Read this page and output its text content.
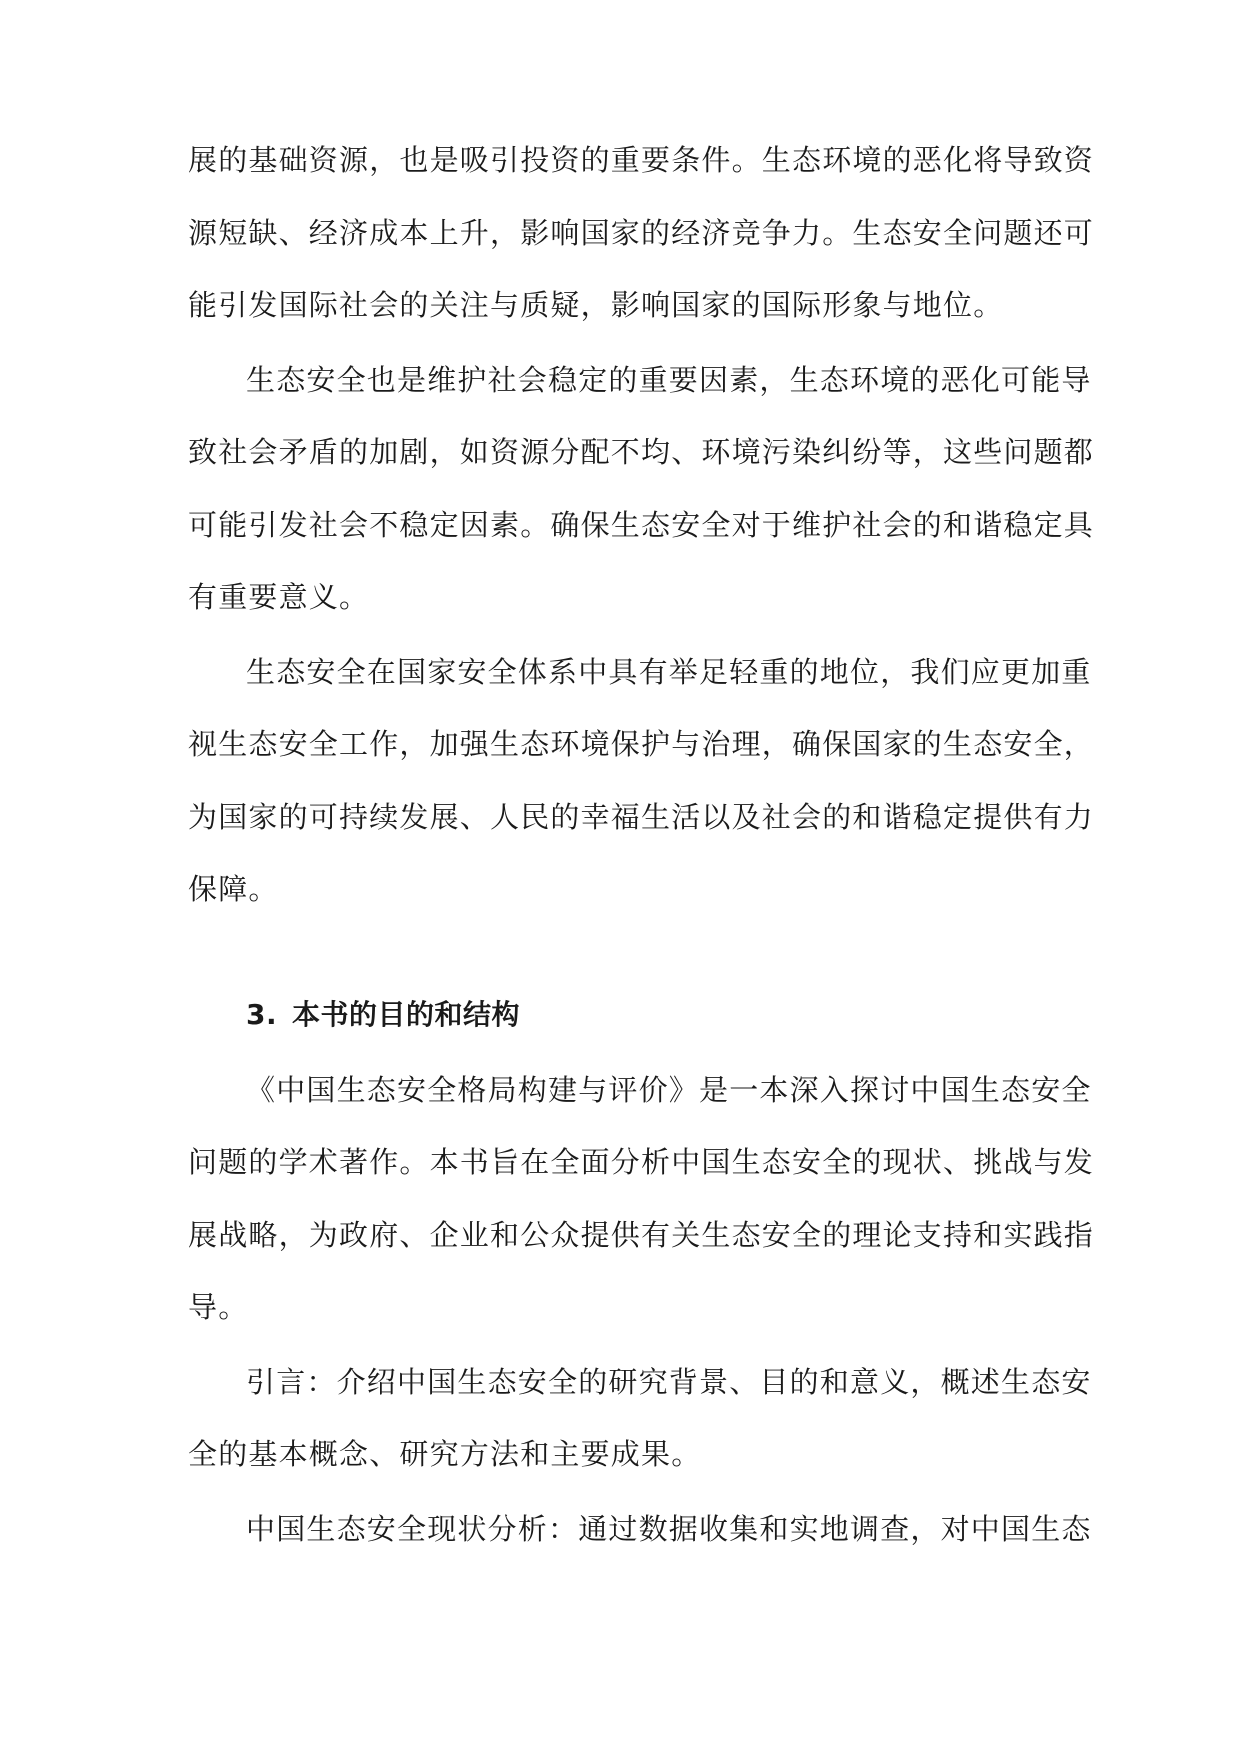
展的基础资源，也是吸引投资的重要条件。生态环境的恶化将导致资
源短缺、经济成本上升，影响国家的经济竞争力。生态安全问题还可
能引发国际社会的关注与质疑，影响国家的国际形象与地位。
生态安全也是维护社会稳定的重要因素，生态环境的恶化可能导
致社会矛盾的加剧，如资源分配不均、环境污染纠纷等，这些问题都
可能引发社会不稳定因素。确保生态安全对于维护社会的和谐稳定具
有重要意义。
生态安全在国家安全体系中具有举足轻重的地位，我们应更加重
视生态安全工作，加强生态环境保护与治理，确保国家的生态安全，
为国家的可持续发展、人民的幸福生活以及社会的和谐稳定提供有力
保障。
3. 本书的目的和结构
《中国生态安全格局构建与评价》是一本深入探讨中国生态安全
问题的学术著作。本书旨在全面分析中国生态安全的现状、挑战与发
展战略，为政府、企业和公众提供有关生态安全的理论支持和实践指
导。
引言：介绍中国生态安全的研究背景、目的和意义，概述生态安
全的基本概念、研究方法和主要成果。
中国生态安全现状分析：通过数据收集和实地调查，对中国生态
